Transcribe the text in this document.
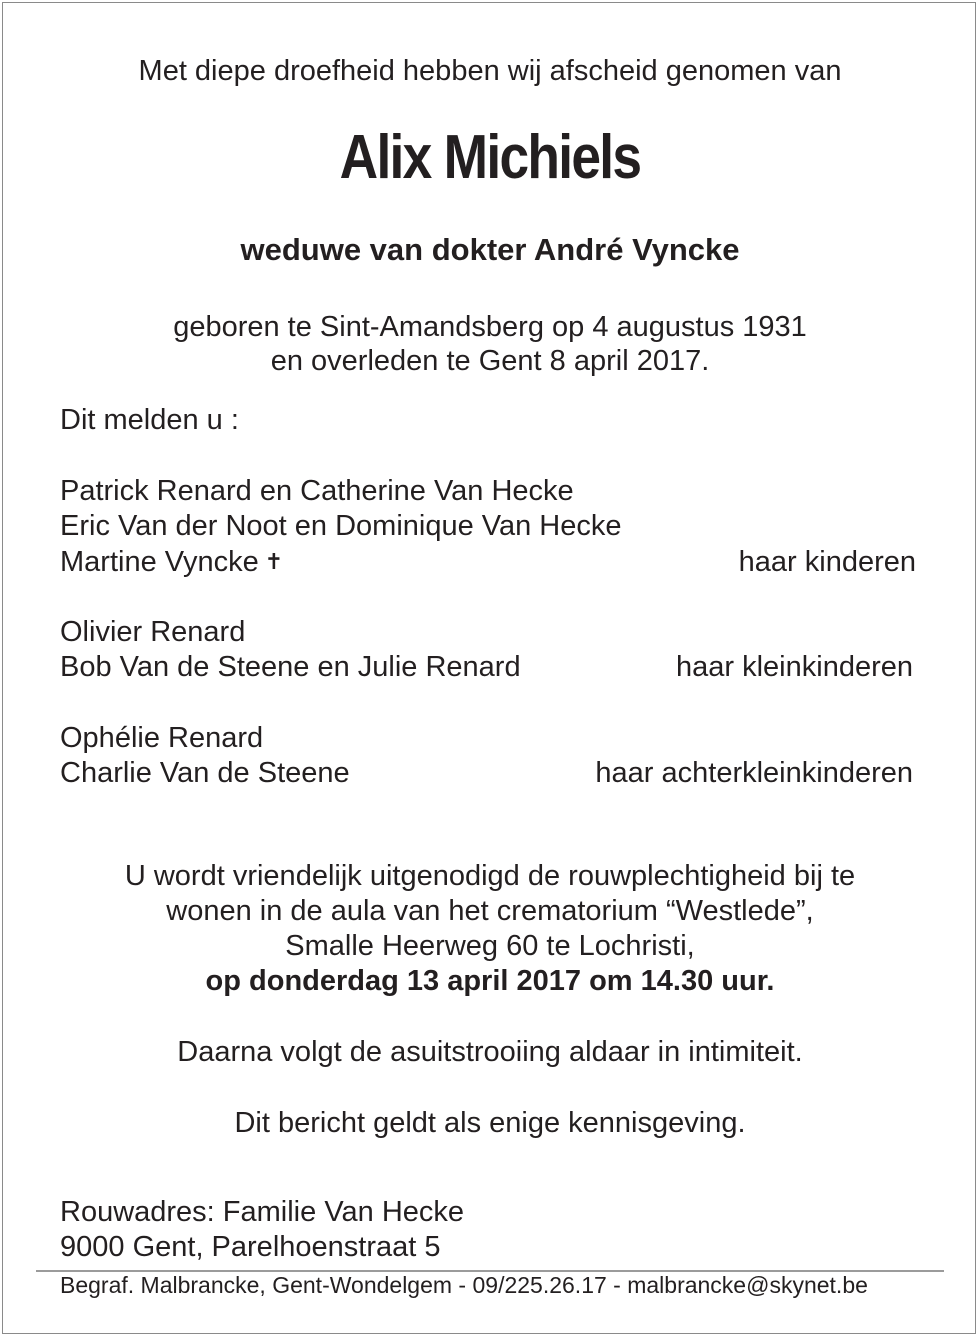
Met diepe droefheid hebben wij afscheid genomen van
Alix Michiels
weduwe van dokter André Vyncke
geboren te Sint-Amandsberg op 4 augustus 1931
en overleden te Gent 8 april 2017.
Dit melden u :
Patrick Renard en Catherine Van Hecke
Eric Van der Noot en Dominique Van Hecke
Martine Vyncke ✝	haar kinderen
Olivier Renard
Bob Van de Steene en Julie Renard	haar kleinkinderen
Ophélie Renard
Charlie Van de Steene	haar achterkleinkinderen
U wordt vriendelijk uitgenodigd de rouwplechtigheid bij te
wonen in de aula van het crematorium “Westlede”,
Smalle Heerweg 60 te Lochristi,
op donderdag 13 april 2017 om 14.30 uur.
Daarna volgt de asuitstrooiing aldaar in intimiteit.
Dit bericht geldt als enige kennisgeving.
Rouwadres: Familie Van Hecke
9000 Gent, Parelhoenstraat 5
Begraf. Malbrancke, Gent-Wondelgem - 09/225.26.17 - malbrancke@skynet.be
